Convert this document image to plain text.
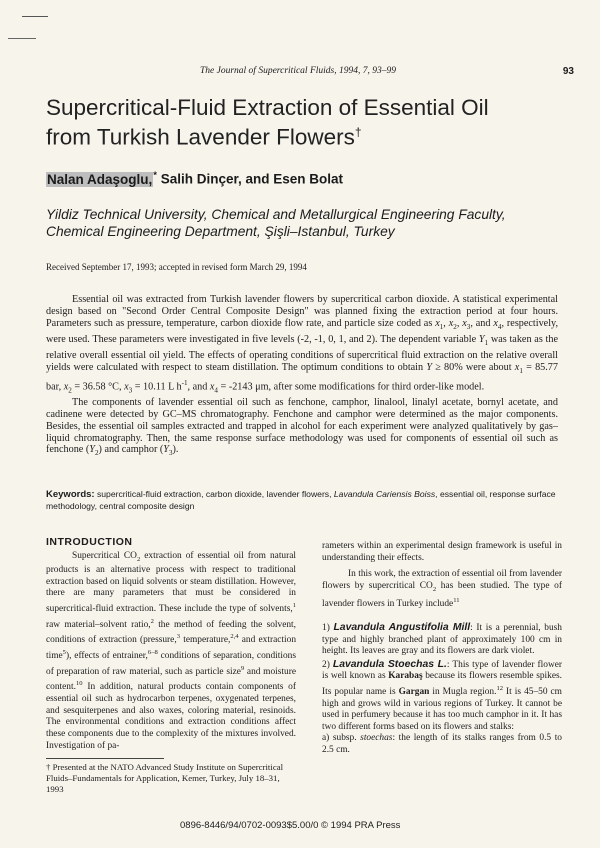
The Journal of Supercritical Fluids, 1994, 7, 93–99	93
Supercritical-Fluid Extraction of Essential Oil
from Turkish Lavender Flowers†
Nalan Adaşoglu,* Salih Dinçer, and Esen Bolat
Yildiz Technical University, Chemical and Metallurgical Engineering Faculty,
Chemical Engineering Department, Şişli–Istanbul, Turkey
Received September 17, 1993; accepted in revised form March 29, 1994

Essential oil was extracted from Turkish lavender flowers by supercritical carbon dioxide. A statistical experimental design based on "Second Order Central Composite Design" was planned fixing the extraction period at four hours. Parameters such as pressure, temperature, carbon dioxide flow rate, and particle size coded as $x_1$, $x_2$, $x_3$, and $x_4$, respectively, were used. These parameters were investigated in five levels (-2, -1, 0, 1, and 2). The dependent variable $Y_1$ was taken as the relative overall essential oil yield. The effects of operating conditions of supercritical fluid extraction on the relative overall yields were calculated with respect to steam distillation. The optimum conditions to obtain Y ≥ 80% were about $x_1 = 85.77$ bar, $x_2 = 36.58$ °C, $x_3 = 10.11$ L $h^{-1}$, and $x_4 = -2143$ μm, after some modifications for third order-like model.

The components of lavender essential oil such as fenchone, camphor, linalool, linalyl acetate, bornyl acetate, and cadinene were detected by GC–MS chromatography. Fenchone and camphor were determined as the major components. Besides, the essential oil samples extracted and trapped in alcohol for each experiment were analyzed qualitatively by gas–liquid chromatography. Then, the same response surface methodology was used for components of essential oil such as fenchone $(Y_2)$ and camphor $(Y_3)$.

Keywords: supercritical-fluid extraction, carbon dioxide, lavender flowers, Lavandula Cariensis Boiss, essential oil, response surface methodology, central composite design
INTRODUCTION

Supercritical $CO_2$ extraction of essential oil from natural products is an alternative process with respect to traditional extraction based on liquid solvents or steam distillation. However, there are many parameters that must be considered in supercritical-fluid extraction. These include the type of solvents,$^1$ raw material–solvent ratio,$^2$ the method of feeding the solvent, conditions of extraction (pressure,$^3$ temperature,$^{2,4}$ and extraction time$^5$), effects of entrainer,$^{6-8}$ conditions of separation, conditions of preparation of raw material, such as particle size$^9$ and moisture content.$^{10}$ In addition, natural products contain components of essential oil such as hydrocarbon terpenes, oxygenated terpenes, and sesquiterpenes and also waxes, coloring material, resinoids. The environmental conditions and extraction conditions affect these components due to the complexity of the mixtures involved. Investigation of pa-

rameters within an experimental design framework is useful in understanding their effects.

In this work, the extraction of essential oil from lavender flowers by supercritical $CO_2$ has been studied. The type of lavender flowers in Turkey include$^{11}$

1) Lavandula Angustifolia Mill: It is a perennial, bush type and highly branched plant of approximately 100 cm in height. Its leaves are gray and its flowers are dark violet.

2) Lavandula Stoechas L.: This type of lavender flower is well known as Karabaş because its flowers resemble spikes. Its popular name is Gargan in Mugla region.$^{12}$ It is 45–50 cm high and grows wild in various regions of Turkey. It cannot be used in perfumery because it has too much camphor in it. It has two different forms based on its flowers and stalks:

a) subsp. stoechas: the length of its stalks ranges from 0.5 to 2.5 cm.

† Presented at the NATO Advanced Study Institute on Supercritical Fluids–Fundamentals for Application, Kemer, Turkey, July 18–31, 1993
0896-8446/94/0702-0093$5.00/0 © 1994 PRA Press
